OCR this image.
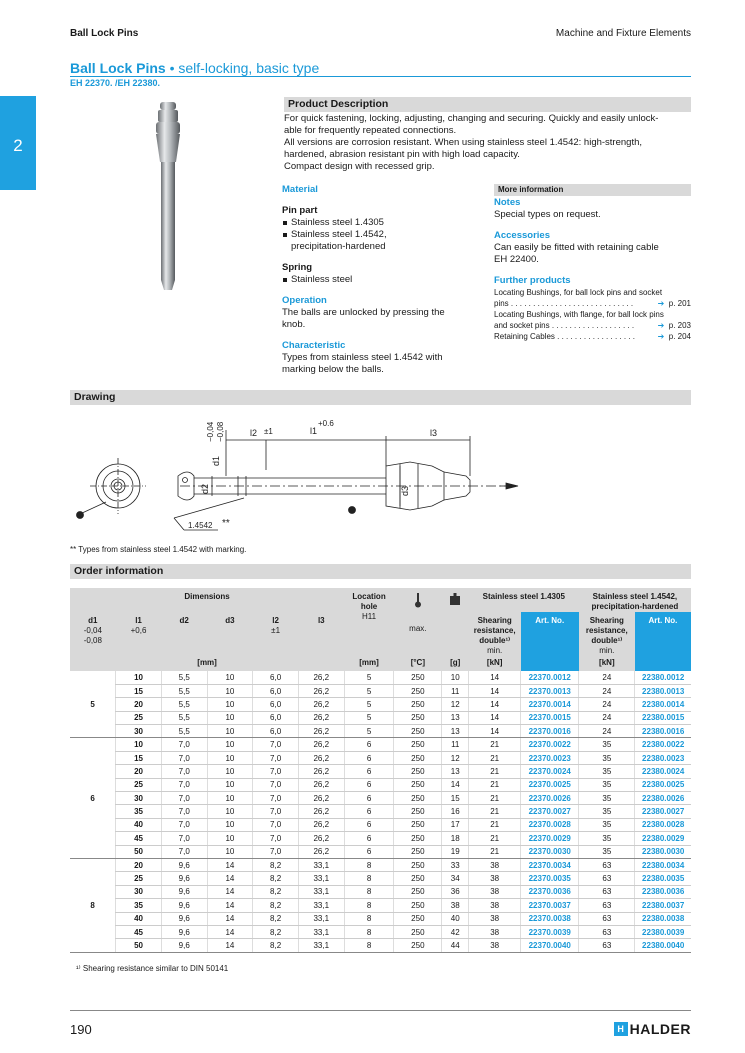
Ball Lock Pins	Machine and Fixture Elements
2
Ball Lock Pins • self-locking, basic type
EH 22370. /EH 22380.
Product Description

For quick fastening, locking, adjusting, changing and securing. Quickly and easily unlock-

able for frequently repeated connections.

All versions are corrosion resistant. When using stainless steel 1.4542: high-strength,

hardened, abrasion resistant pin with high load capacity.

Compact design with recessed grip.

Material
Pin part
Stainless steel 1.4305
Stainless steel 1.4542,
precipitation-hardened
Spring
Stainless steel
Operation
The balls are unlocked by pressing the
knob.
Characteristic
Types from stainless steel 1.4542 with
marking below the balls.
More information
Notes
Special types on request.
Accessories
Can easily be fitted with retaining cable
EH 22400.
Further products
Locating Bushings, for ball lock pins and socket
pins . . . . . . . . . . . . . . . . . . . . . . . . . . . .	➔ p. 201
Locating Bushings, with flange, for ball lock pins
and socket pins . . . . . . . . . . . . . . . . . . .	➔ p. 203
Retaining Cables . . . . . . . . . . . . . . . . . .	➔ p. 204
Drawing
−0,04 −0,08
d1
l2 ±1	l1
+0.6
l3
d2	d3
1.4542 **
** Types from stainless steel 1.4542 with marking.
Order information
Dimensions						Location hole			Stainless steel 1.4305		Stainless steel 1.4542, precipitation-hardened	
d1
-0,04
-0,08	l1
+0,6	d2	d3	l2
±1	l3	H11	max.		Shearing resistance, double¹⁾
min.	Art. No.	Shearing resistance, double¹⁾
min.	Art. No.
[mm]						[mm]	[°C]	[g]	[kN]		[kN]	
5	10	5,5	10	6,0	26,2	5	250	10	14	22370.0012	24	22380.0012
	15	5,5	10	6,0	26,2	5	250	11	14	22370.0013	24	22380.0013
	20	5,5	10	6,0	26,2	5	250	12	14	22370.0014	24	22380.0014
	25	5,5	10	6,0	26,2	5	250	13	14	22370.0015	24	22380.0015
	30	5,5	10	6,0	26,2	5	250	13	14	22370.0016	24	22380.0016
6	10	7,0	10	7,0	26,2	6	250	11	21	22370.0022	35	22380.0022
	15	7,0	10	7,0	26,2	6	250	12	21	22370.0023	35	22380.0023
	20	7,0	10	7,0	26,2	6	250	13	21	22370.0024	35	22380.0024
	25	7,0	10	7,0	26,2	6	250	14	21	22370.0025	35	22380.0025
	30	7,0	10	7,0	26,2	6	250	15	21	22370.0026	35	22380.0026
	35	7,0	10	7,0	26,2	6	250	16	21	22370.0027	35	22380.0027
	40	7,0	10	7,0	26,2	6	250	17	21	22370.0028	35	22380.0028
	45	7,0	10	7,0	26,2	6	250	18	21	22370.0029	35	22380.0029
	50	7,0	10	7,0	26,2	6	250	19	21	22370.0030	35	22380.0030
8	20	9,6	14	8,2	33,1	8	250	33	38	22370.0034	63	22380.0034
	25	9,6	14	8,2	33,1	8	250	34	38	22370.0035	63	22380.0035
	30	9,6	14	8,2	33,1	8	250	36	38	22370.0036	63	22380.0036
	35	9,6	14	8,2	33,1	8	250	38	38	22370.0037	63	22380.0037
	40	9,6	14	8,2	33,1	8	250	40	38	22370.0038	63	22380.0038
	45	9,6	14	8,2	33,1	8	250	42	38	22370.0039	63	22380.0039
	50	9,6	14	8,2	33,1	8	250	44	38	22370.0040	63	22380.0040
¹⁾ Shearing resistance similar to DIN 50141
190	H HALDER
